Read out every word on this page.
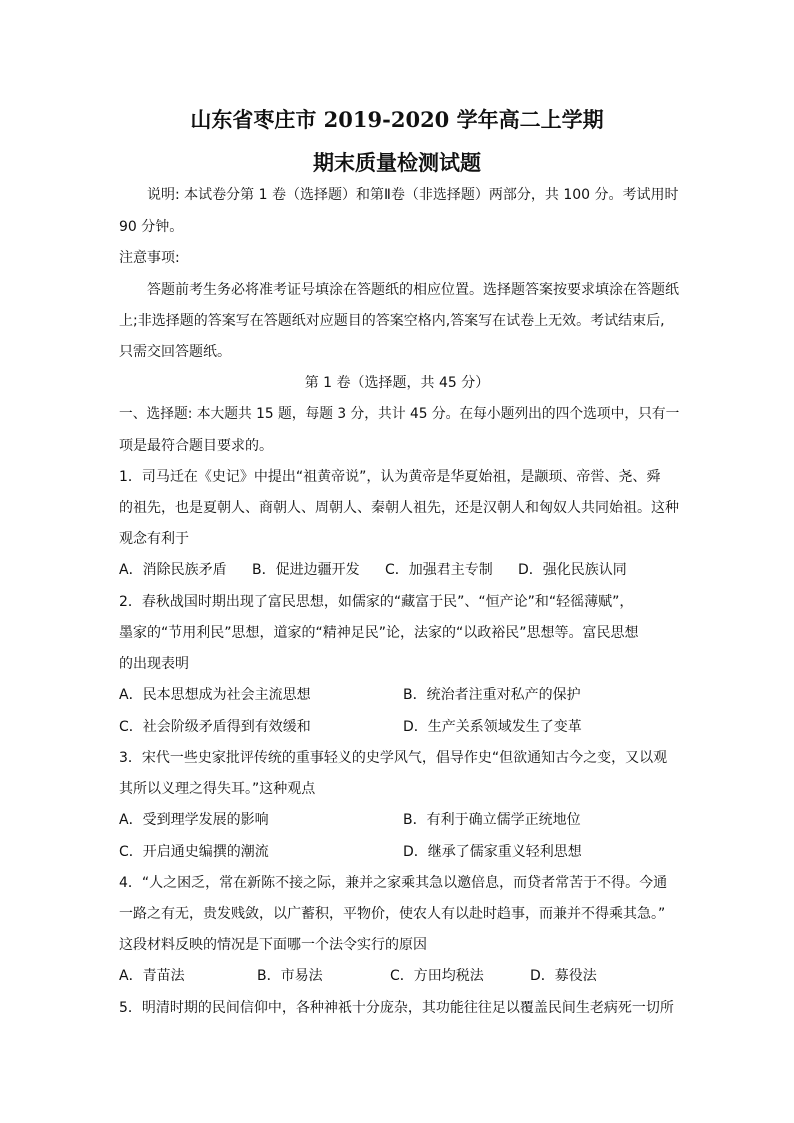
山东省枣庄市 2019-2020 学年高二上学期
期末质量检测试题
　　说明: 本试卷分第 1 卷（选择题）和第Ⅱ卷（非选择题）两部分，共 100 分。考试用时
90 分钟。
注意事项:
　　答题前考生务必将准考证号填涂在答题纸的相应位置。选择题答案按要求填涂在答题纸
上;非选择题的答案写在答题纸对应题目的答案空格内,答案写在试卷上无效。考试结束后,
只需交回答题纸。
第 1 卷（选择题，共 45 分）
一、选择题: 本大题共 15 题，每题 3 分，共计 45 分。在每小题列出的四个选项中，只有一
项是最符合题目要求的。
1．司马迁在《史记》中提出“祖黄帝说”，认为黄帝是华夏始祖，是颛顼、帝喾、尧、舜
的祖先，也是夏朝人、商朝人、周朝人、秦朝人祖先，还是汉朝人和匈奴人共同始祖。这种
观念有利于
A．消除民族矛盾 B．促进边疆开发 C．加强君主专制 D．强化民族认同
2．春秋战国时期出现了富民思想，如儒家的“藏富于民”、“恒产论”和“轻徭薄赋”，
墨家的“节用利民”思想，道家的“精神足民”论，法家的“以政裕民”思想等。富民思想
的出现表明
A．民本思想成为社会主流思想	B．统治者注重对私产的保护
C．社会阶级矛盾得到有效缓和	D．生产关系领域发生了变革
3．宋代一些史家批评传统的重事轻义的史学风气，倡导作史“但欲通知古今之变，又以观
其所以义理之得失耳。”这种观点
A．受到理学发展的影响	B．有利于确立儒学正统地位
C．开启通史编撰的潮流	D．继承了儒家重义轻利思想
4．“人之困乏，常在新陈不接之际，兼并之家乘其急以邀倍息，而贷者常苦于不得。今通
一路之有无，贵发贱敛，以广蓄积，平物价，使农人有以赴时趋事，而兼并不得乘其急。”
这段材料反映的情况是下面哪一个法令实行的原因
A．青苗法	B．市易法	C．方田均税法	D．募役法
5．明清时期的民间信仰中，各种神祇十分庞杂，其功能往往足以覆盖民间生老病死一切所
